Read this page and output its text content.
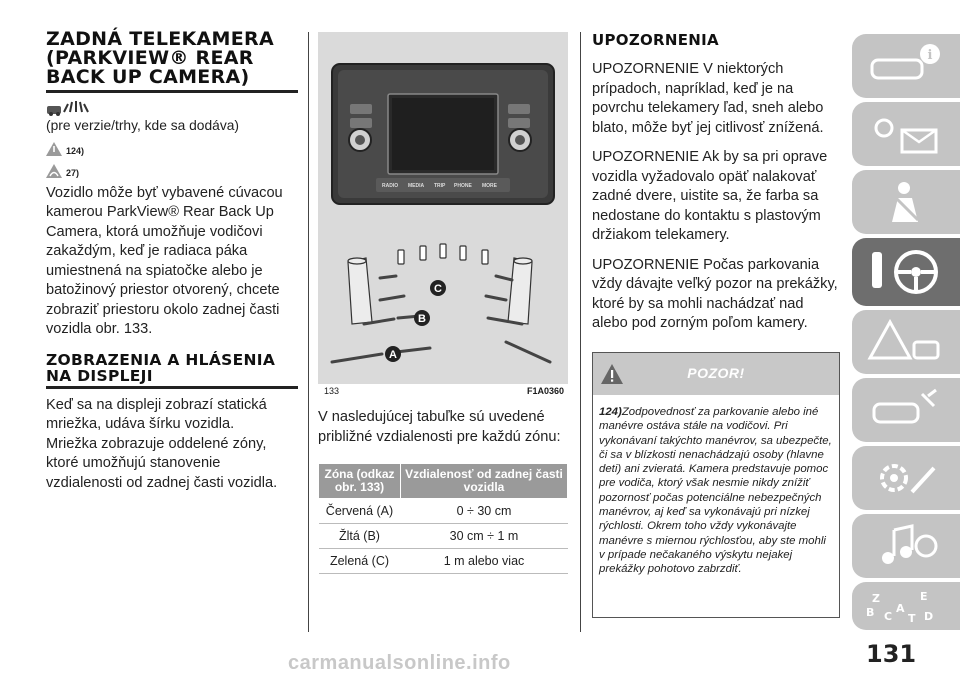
ZADNÁ TELEKAMERA (PARKVIEW® REAR BACK UP CAMERA)
(pre verzie/trhy, kde sa dodáva)
124)
27)
Vozidlo môže byť vybavené cúvacou kamerou ParkView® Rear Back Up Camera, ktorá umožňuje vodičovi zakaždým, keď je radiaca páka umiestnená na spiatočke alebo je batožinový priestor otvorený, chcete zobraziť priestoru okolo zadnej časti vozidla obr. 133.
ZOBRAZENIA A HLÁSENIA NA DISPLEJI
Keď sa na displeji zobrazí statická mriežka, udáva šírku vozidla.
Mriežka zobrazuje oddelené zóny, ktoré umožňujú stanovenie vzdialenosti od zadnej časti vozidla.
RADIO MEDIA TRIP PHONE MORE
A
B
C
133	F1A0360
V nasledujúcej tabuľke sú uvedené približné vzdialenosti pre každú zónu:
Zóna (odkaz obr. 133)	Vzdialenosť od zadnej časti vozidla
Červená (A)	0 ÷ 30 cm
Žltá (B)	30 cm ÷ 1 m
Zelená (C)	1 m alebo viac
UPOZORNENIA
UPOZORNENIE V niektorých prípadoch, napríklad, keď je na povrchu telekamery ľad, sneh alebo blato, môže byť jej citlivosť znížená.
UPOZORNENIE Ak by sa pri oprave vozidla vyžadovalo opäť nalakovať zadné dvere, uistite sa, že farba sa nedostane do kontaktu s plastovým držiakom telekamery.
UPOZORNENIE Počas parkovania vždy dávajte veľký pozor na prekážky, ktoré by sa mohli nachádzať nad alebo pod zorným poľom kamery.
POZOR!
124)Zodpovednosť za parkovanie alebo iné manévre ostáva stále na vodičovi. Pri vykonávaní takýchto manévrov, sa ubezpečte, či sa v blízkosti nenachádzajú osoby (hlavne deti) ani zvieratá. Kamera predstavuje pomoc pre vodiča, ktorý však nesmie nikdy znížiť pozornosť počas potenciálne nebezpečných manévrov, aj keď sa vykonávajú pri nízkej rýchlosti. Okrem toho vždy vykonávajte manévre s miernou rýchlosťou, aby ste mohli v prípade nečakaného výskytu nejakej prekážky pohotovo zabrzdiť.
i
Z	E
C
A
D
B	T
131
carmanualsonline.info
